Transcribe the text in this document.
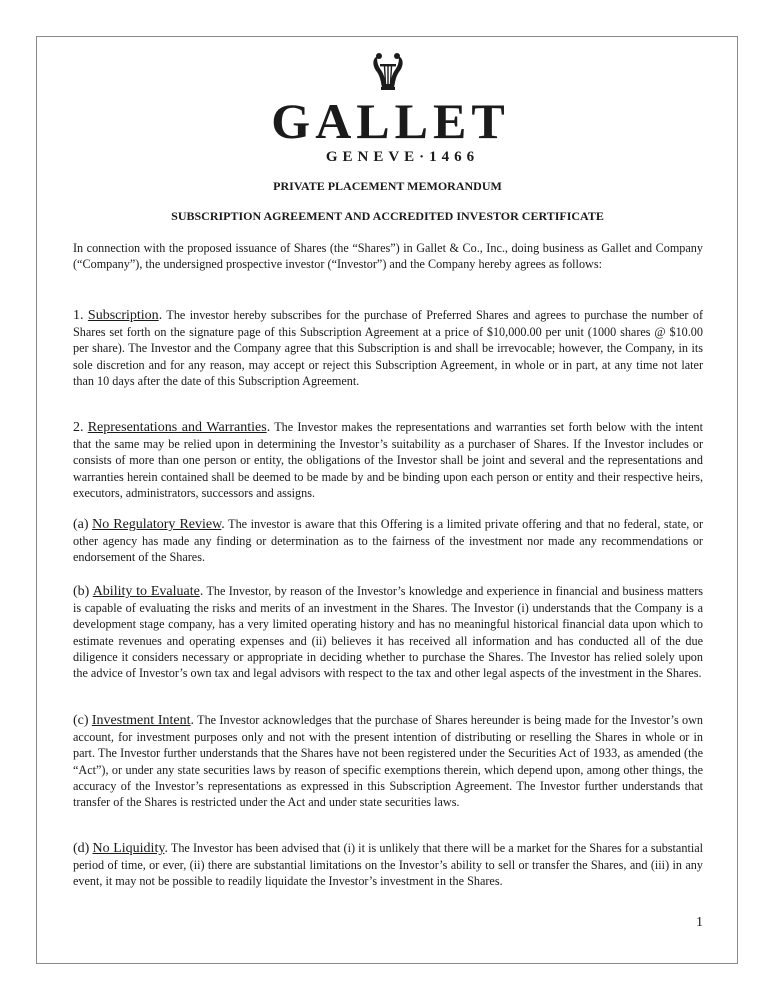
GALLET
GENEVE·1466
PRIVATE PLACEMENT MEMORANDUM
SUBSCRIPTION AGREEMENT AND ACCREDITED INVESTOR CERTIFICATE

In connection with the proposed issuance of Shares (the “Shares”) in Gallet & Co., Inc., doing business as Gallet and Company (“Company”), the undersigned prospective investor (“Investor”) and the Company hereby agrees as follows:

1. Subscription. The investor hereby subscribes for the purchase of Preferred Shares and agrees to purchase the number of Shares set forth on the signature page of this Subscription Agreement at a price of $10,000.00 per unit (1000 shares @ $10.00 per share). The Investor and the Company agree that this Subscription is and shall be irrevocable; however, the Company, in its sole discretion and for any reason, may accept or reject this Subscription Agreement, in whole or in part, at any time not later than 10 days after the date of this Subscription Agreement.

2. Representations and Warranties. The Investor makes the representations and warranties set forth below with the intent that the same may be relied upon in determining the Investor’s suitability as a purchaser of Shares. If the Investor includes or consists of more than one person or entity, the obligations of the Investor shall be joint and several and the representations and warranties herein contained shall be deemed to be made by and be binding upon each person or entity and their respective heirs, executors, administrators, successors and assigns.

(a) No Regulatory Review. The investor is aware that this Offering is a limited private offering and that no federal, state, or other agency has made any finding or determination as to the fairness of the investment nor made any recommendations or endorsement of the Shares.

(b) Ability to Evaluate. The Investor, by reason of the Investor’s knowledge and experience in financial and business matters is capable of evaluating the risks and merits of an investment in the Shares. The Investor (i) understands that the Company is a development stage company, has a very limited operating history and has no meaningful historical financial data upon which to estimate revenues and operating expenses and (ii) believes it has received all information and has conducted all of the due diligence it considers necessary or appropriate in deciding whether to purchase the Shares. The Investor has relied solely upon the advice of Investor’s own tax and legal advisors with respect to the tax and other legal aspects of the investment in the Shares.

(c) Investment Intent. The Investor acknowledges that the purchase of Shares hereunder is being made for the Investor’s own account, for investment purposes only and not with the present intention of distributing or reselling the Shares in whole or in part. The Investor further understands that the Shares have not been registered under the Securities Act of 1933, as amended (the “Act”), or under any state securities laws by reason of specific exemptions therein, which depend upon, among other things, the accuracy of the Investor’s representations as expressed in this Subscription Agreement. The Investor further understands that transfer of the Shares is restricted under the Act and under state securities laws.

(d) No Liquidity. The Investor has been advised that (i) it is unlikely that there will be a market for the Shares for a substantial period of time, or ever, (ii) there are substantial limitations on the Investor’s ability to sell or transfer the Shares, and (iii) in any event, it may not be possible to readily liquidate the Investor’s investment in the Shares.

1
